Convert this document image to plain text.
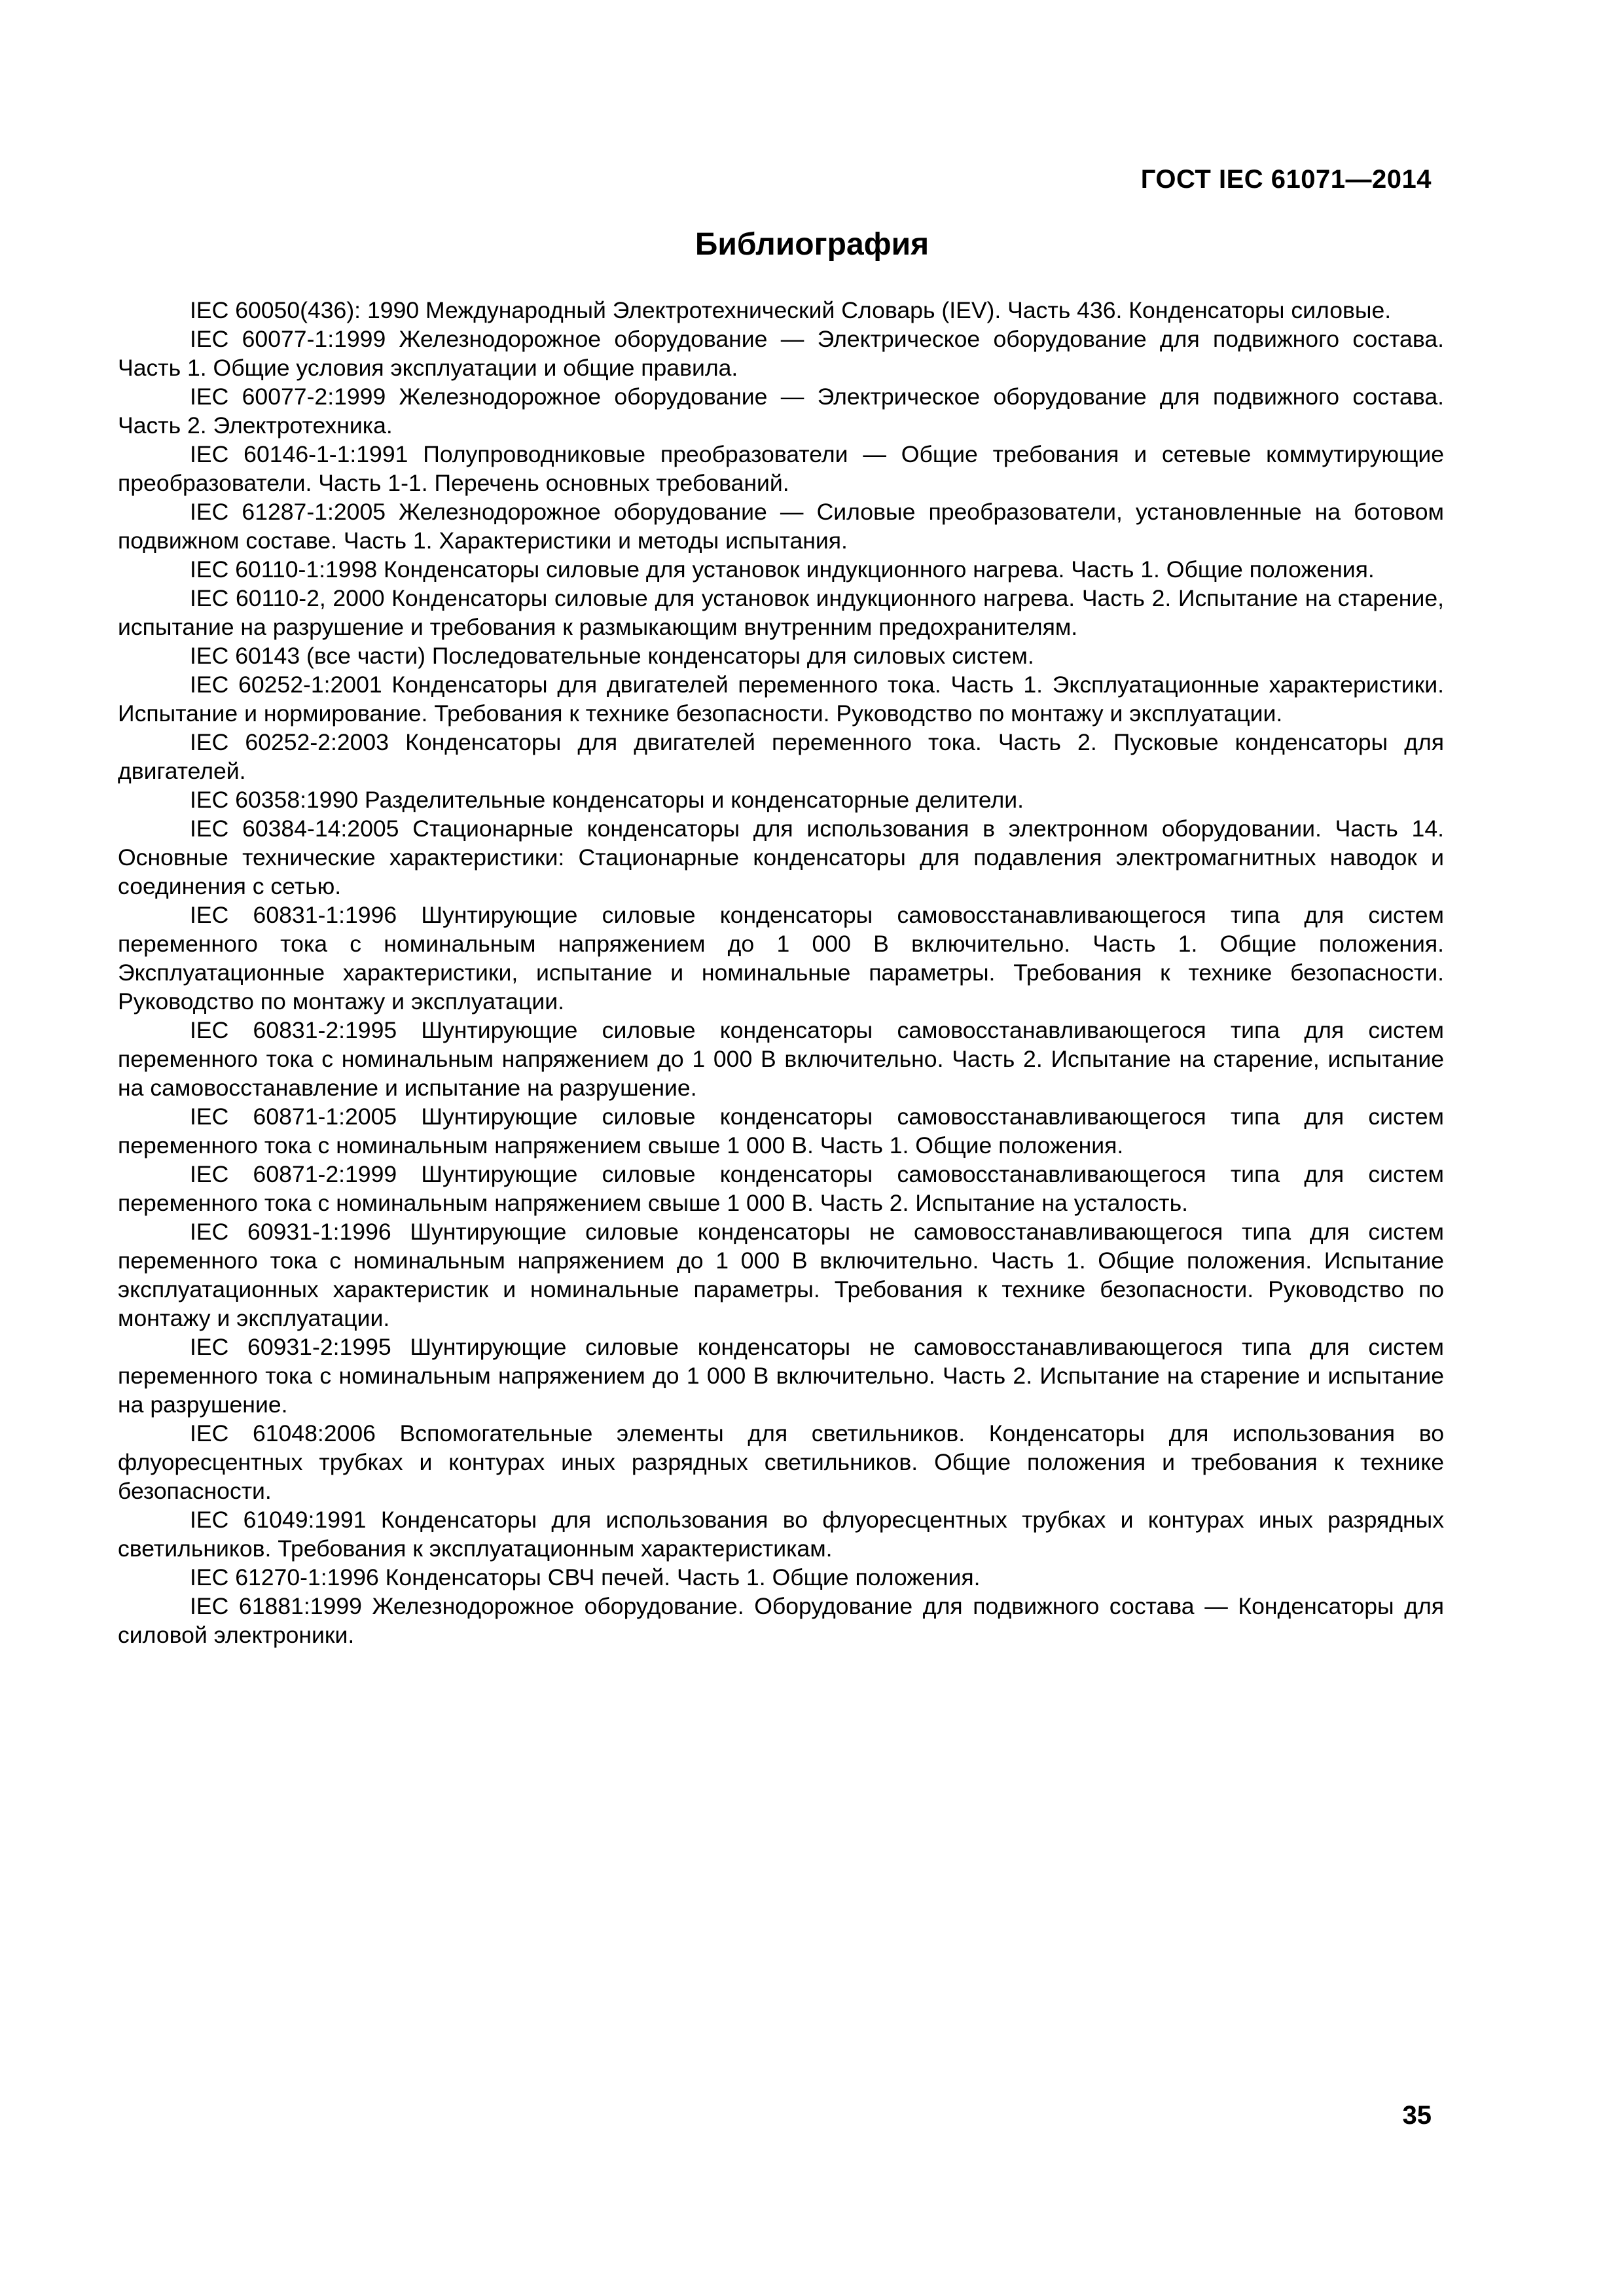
ГОСТ IEC 61071—2014
Библиография

IEC 60050(436): 1990 Международный Электротехнический Словарь (IEV). Часть 436. Конденсаторы силовые.

IEC 60077-1:1999 Железнодорожное оборудование — Электрическое оборудование для подвижного состава. Часть 1. Общие условия эксплуатации и общие правила.

IEC 60077-2:1999 Железнодорожное оборудование — Электрическое оборудование для подвижного состава. Часть 2. Электротехника.

IEC 60146-1-1:1991 Полупроводниковые преобразователи — Общие требования и сетевые коммутирующие преобразователи. Часть 1-1. Перечень основных требований.

IEC 61287-1:2005 Железнодорожное оборудование — Силовые преобразователи, установленные на ботовом подвижном составе. Часть 1. Характеристики и методы испытания.

IEC 60110-1:1998 Конденсаторы силовые для установок индукционного нагрева. Часть 1. Общие положения.

IEC 60110-2, 2000 Конденсаторы силовые для установок индукционного нагрева. Часть 2. Испытание на старение, испытание на разрушение и требования к размыкающим внутренним предохранителям.

IEC 60143 (все части) Последовательные конденсаторы для силовых систем.

IEC 60252-1:2001 Конденсаторы для двигателей переменного тока. Часть 1. Эксплуатационные характеристики. Испытание и нормирование. Требования к технике безопасности. Руководство по монтажу и эксплуатации.

IEC 60252-2:2003 Конденсаторы для двигателей переменного тока. Часть 2. Пусковые конденсаторы для двигателей.

IEC 60358:1990 Разделительные конденсаторы и конденсаторные делители.

IEC 60384-14:2005 Стационарные конденсаторы для использования в электронном оборудовании. Часть 14. Основные технические характеристики: Стационарные конденсаторы для подавления электромагнитных наводок и соединения с сетью.

IEC 60831-1:1996 Шунтирующие силовые конденсаторы самовосстанавливающегося типа для систем переменного тока с номинальным напряжением до 1 000 В включительно. Часть 1. Общие положения. Эксплуатационные характеристики, испытание и номинальные параметры. Требования к технике безопасности. Руководство по монтажу и эксплуатации.

IEC 60831-2:1995 Шунтирующие силовые конденсаторы самовосстанавливающегося типа для систем переменного тока с номинальным напряжением до 1 000 В включительно. Часть 2. Испытание на старение, испытание на самовосстанавление и испытание на разрушение.

IEC 60871-1:2005 Шунтирующие силовые конденсаторы самовосстанавливающегося типа для систем переменного тока с номинальным напряжением свыше 1 000 В. Часть 1. Общие положения.

IEC 60871-2:1999 Шунтирующие силовые конденсаторы самовосстанавливающегося типа для систем переменного тока с номинальным напряжением свыше 1 000 В. Часть 2. Испытание на усталость.

IEC 60931-1:1996 Шунтирующие силовые конденсаторы не самовосстанавливающегося типа для систем переменного тока с номинальным напряжением до 1 000 В включительно. Часть 1. Общие положения. Испытание эксплуатационных характеристик и номинальные параметры. Требования к технике безопасности. Руководство по монтажу и эксплуатации.

IEC 60931-2:1995 Шунтирующие силовые конденсаторы не самовосстанавливающегося типа для систем переменного тока с номинальным напряжением до 1 000 В включительно. Часть 2. Испытание на старение и испытание на разрушение.

IEC 61048:2006 Вспомогательные элементы для светильников. Конденсаторы для использования во флуоресцентных трубках и контурах иных разрядных светильников. Общие положения и требования к технике безопасности.

IEC 61049:1991 Конденсаторы для использования во флуоресцентных трубках и контурах иных разрядных светильников. Требования к эксплуатационным характеристикам.

IEC 61270-1:1996 Конденсаторы СВЧ печей. Часть 1. Общие положения.

IEC 61881:1999 Железнодорожное оборудование. Оборудование для подвижного состава — Конденсаторы для силовой электроники.

35
